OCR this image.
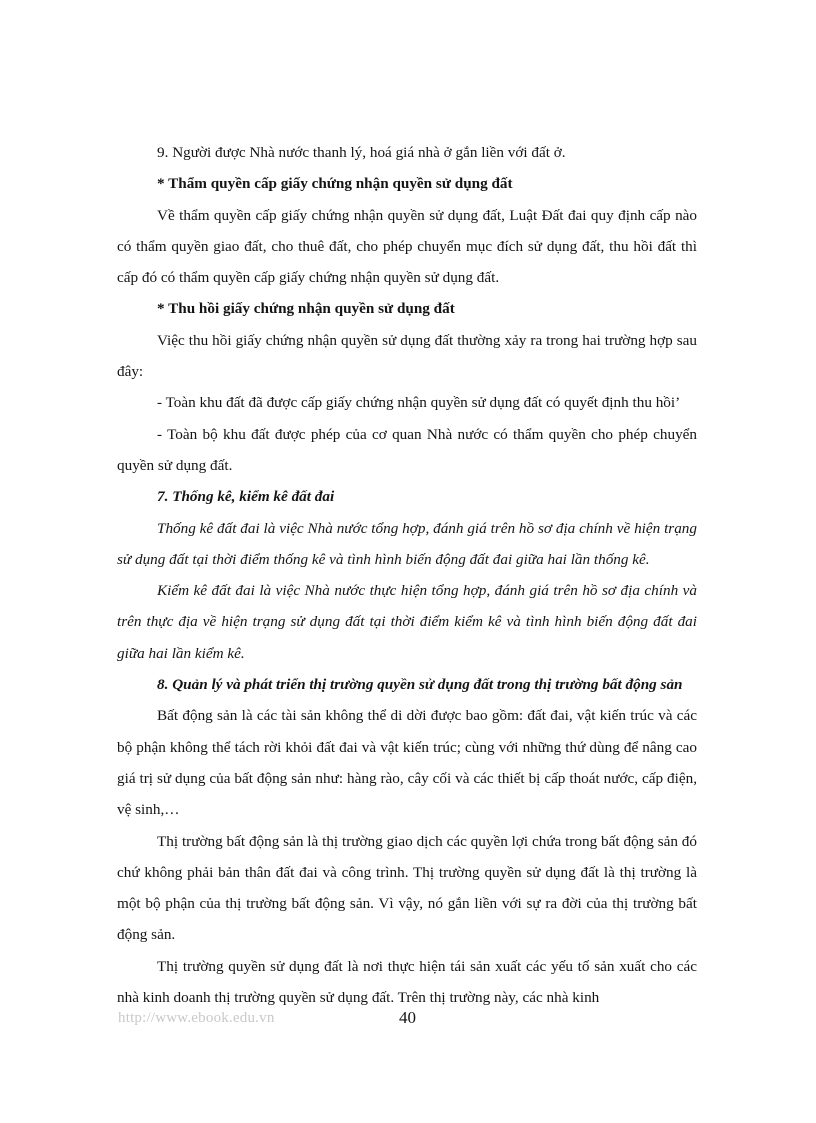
9. Người được Nhà nước thanh lý, hoá giá nhà ở gắn liền với đất ở.

* Thẩm quyền cấp giấy chứng nhận quyền sử dụng đất

Về thẩm quyền cấp giấy chứng nhận quyền sử dụng đất, Luật Đất đai quy định cấp nào có thẩm quyền giao đất, cho thuê đất, cho phép chuyển mục đích sử dụng đất, thu hồi đất thì cấp đó có thẩm quyền cấp giấy chứng nhận quyền sử dụng đất.

* Thu hồi giấy chứng nhận quyền sử dụng đất

Việc thu hồi giấy chứng nhận quyền sử dụng đất thường xảy ra trong hai trường hợp sau đây:

- Toàn khu đất đã được cấp giấy chứng nhận quyền sử dụng đất có quyết định thu hồi’

- Toàn bộ khu đất được phép của cơ quan Nhà nước có thẩm quyền cho phép chuyển quyền sử dụng đất.

7. Thống kê, kiểm kê đất đai

Thống kê đất đai là việc Nhà nước tổng hợp, đánh giá trên hồ sơ địa chính về hiện trạng sử dụng đất tại thời điểm thống kê và tình hình biến động đất đai giữa hai lần thống kê.

Kiểm kê đất đai là việc Nhà nước thực hiện tổng hợp, đánh giá trên hồ sơ địa chính và trên thực địa về hiện trạng sử dụng đất tại thời điểm kiểm kê và tình hình biến động đất đai giữa hai lần kiểm kê.

8. Quản lý và phát triển thị trường quyền sử dụng đất trong thị trường bất động sản

Bất động sản là các tài sản không thể di dời được bao gồm: đất đai, vật kiến trúc và các bộ phận không thể tách rời khỏi đất đai và vật kiến trúc; cùng với những thứ dùng để nâng cao giá trị sử dụng của bất động sản như: hàng rào, cây cối và các thiết bị cấp thoát nước, cấp điện, vệ sinh,…

Thị trường bất động sản là thị trường giao dịch các quyền lợi chứa trong bất động sản đó chứ không phải bản thân đất đai và công trình. Thị trường quyền sử dụng đất là thị trường là một bộ phận của thị trường bất động sản. Vì vậy, nó gắn liền với sự ra đời của thị trường bất động sản.

Thị trường quyền sử dụng đất là nơi thực hiện tái sản xuất các yếu tố sản xuất cho các nhà kinh doanh thị trường quyền sử dụng đất. Trên thị trường này, các nhà kinh

http://www.ebook.edu.vn	40
